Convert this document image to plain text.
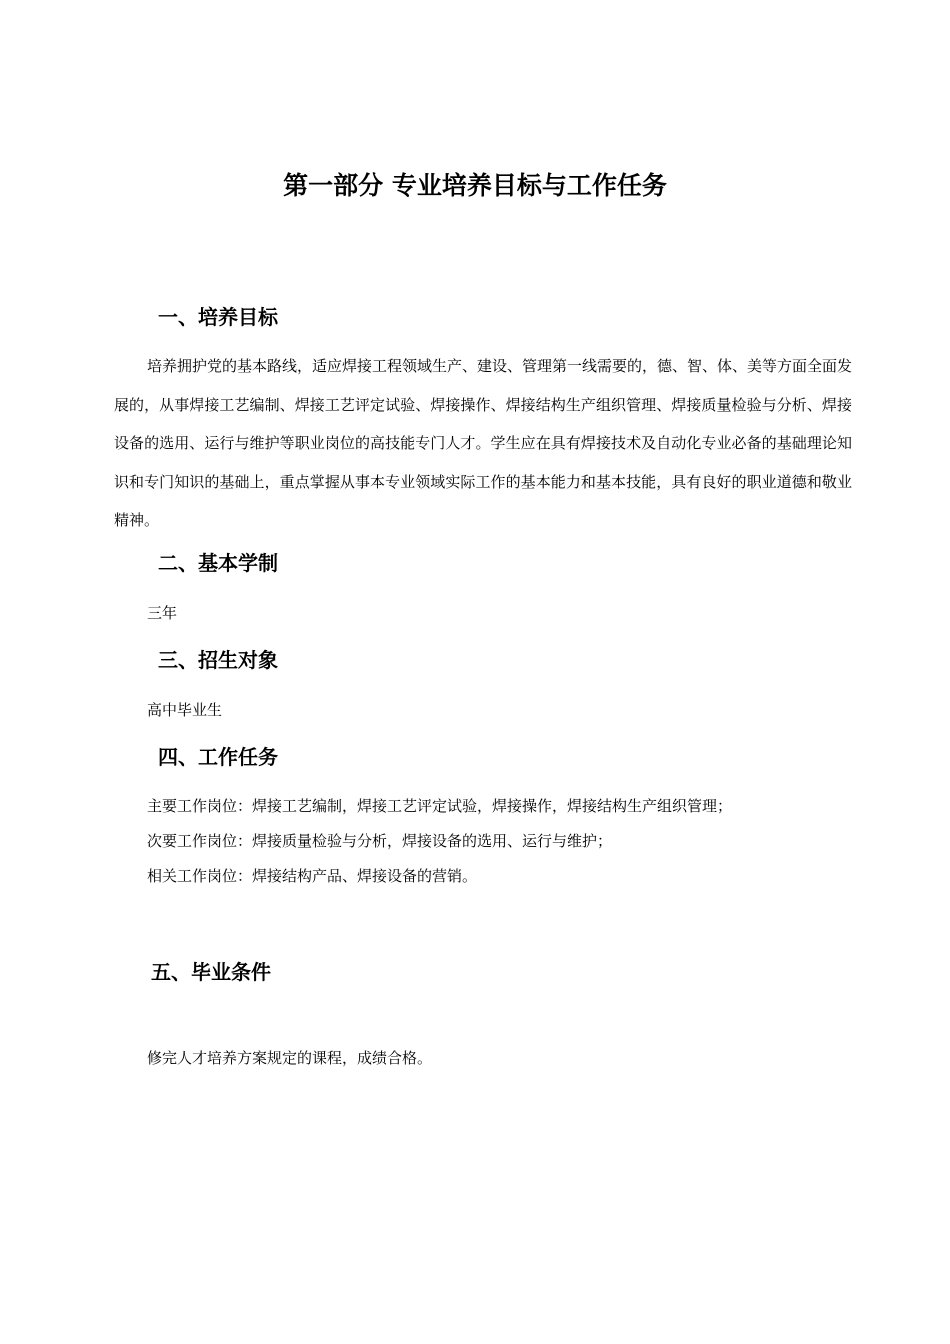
第一部分 专业培养目标与工作任务
一、培养目标

培养拥护党的基本路线，适应焊接工程领域生产、建设、管理第一线需要的，德、智、体、美等方面全面发展的，从事焊接工艺编制、焊接工艺评定试验、焊接操作、焊接结构生产组织管理、焊接质量检验与分析、焊接设备的选用、运行与维护等职业岗位的高技能专门人才。学生应在具有焊接技术及自动化专业必备的基础理论知识和专门知识的基础上，重点掌握从事本专业领域实际工作的基本能力和基本技能，具有良好的职业道德和敬业精神。

二、基本学制

三年

三、招生对象

高中毕业生

四、工作任务

主要工作岗位：焊接工艺编制，焊接工艺评定试验，焊接操作，焊接结构生产组织管理；

次要工作岗位：焊接质量检验与分析，焊接设备的选用、运行与维护；

相关工作岗位：焊接结构产品、焊接设备的营销。

五、毕业条件

修完人才培养方案规定的课程，成绩合格。
